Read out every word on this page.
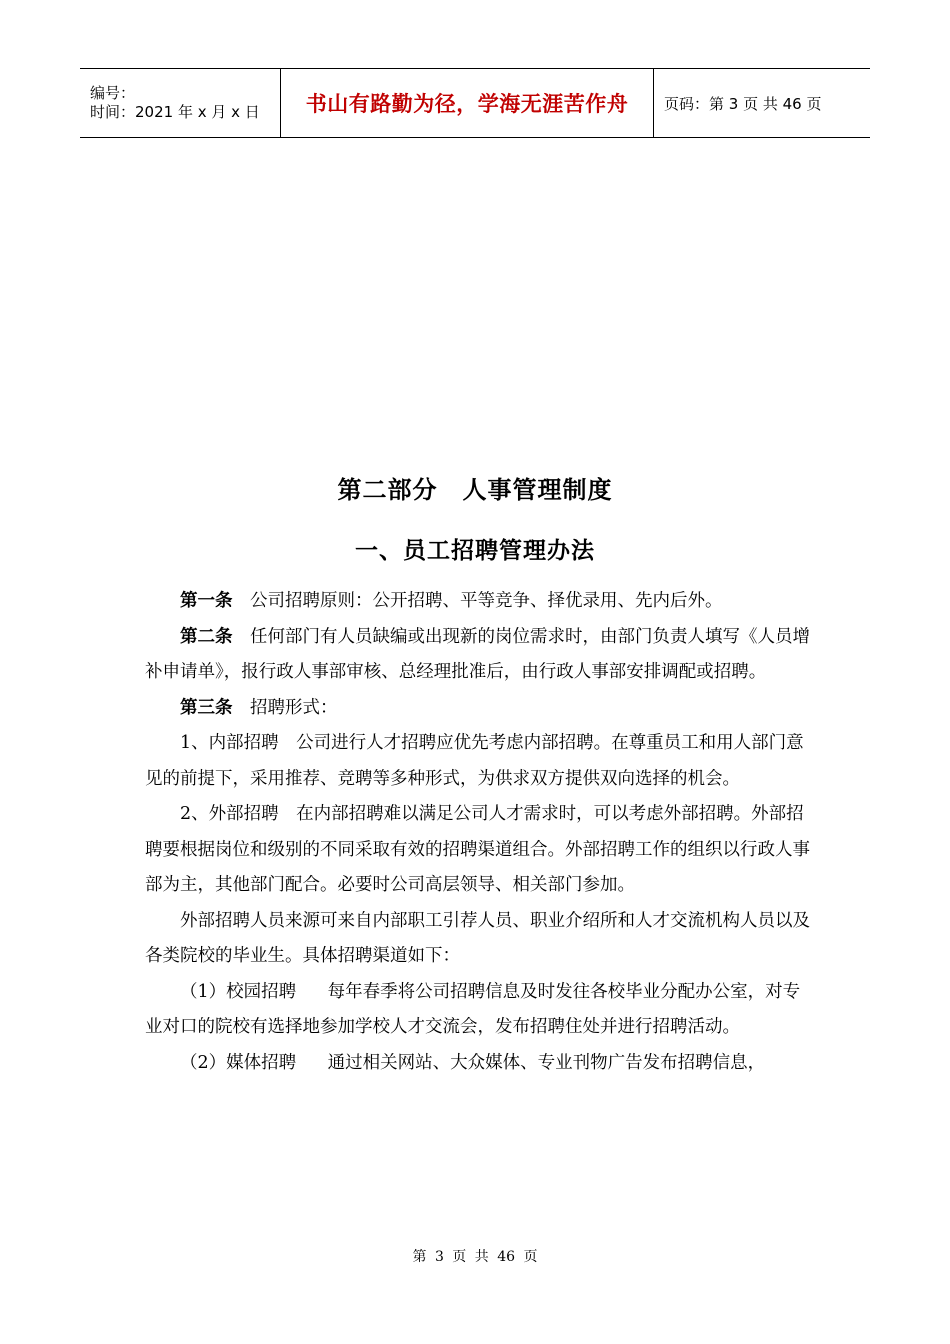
编号：
时间：2021 年 x 月 x 日	书山有路勤为径，学海无涯苦作舟 页码：第 3 页 共 46 页
第二部分　人事管理制度
一、员工招聘管理办法

第一条 公司招聘原则：公开招聘、平等竞争、择优录用、先内后外。

第二条 任何部门有人员缺编或出现新的岗位需求时，由部门负责人填写《人员增补申请单》，报行政人事部审核、总经理批准后，由行政人事部安排调配或招聘。

第三条 招聘形式：

1、内部招聘 公司进行人才招聘应优先考虑内部招聘。在尊重员工和用人部门意见的前提下，采用推荐、竞聘等多种形式，为供求双方提供双向选择的机会。

2、外部招聘 在内部招聘难以满足公司人才需求时，可以考虑外部招聘。外部招聘要根据岗位和级别的不同采取有效的招聘渠道组合。外部招聘工作的组织以行政人事部为主，其他部门配合。必要时公司高层领导、相关部门参加。

外部招聘人员来源可来自内部职工引荐人员、职业介绍所和人才交流机构人员以及各类院校的毕业生。具体招聘渠道如下：

（1）校园招聘 每年春季将公司招聘信息及时发往各校毕业分配办公室，对专业对口的院校有选择地参加学校人才交流会，发布招聘住处并进行招聘活动。

（2）媒体招聘 通过相关网站、大众媒体、专业刊物广告发布招聘信息，

第 3 页 共 46 页
